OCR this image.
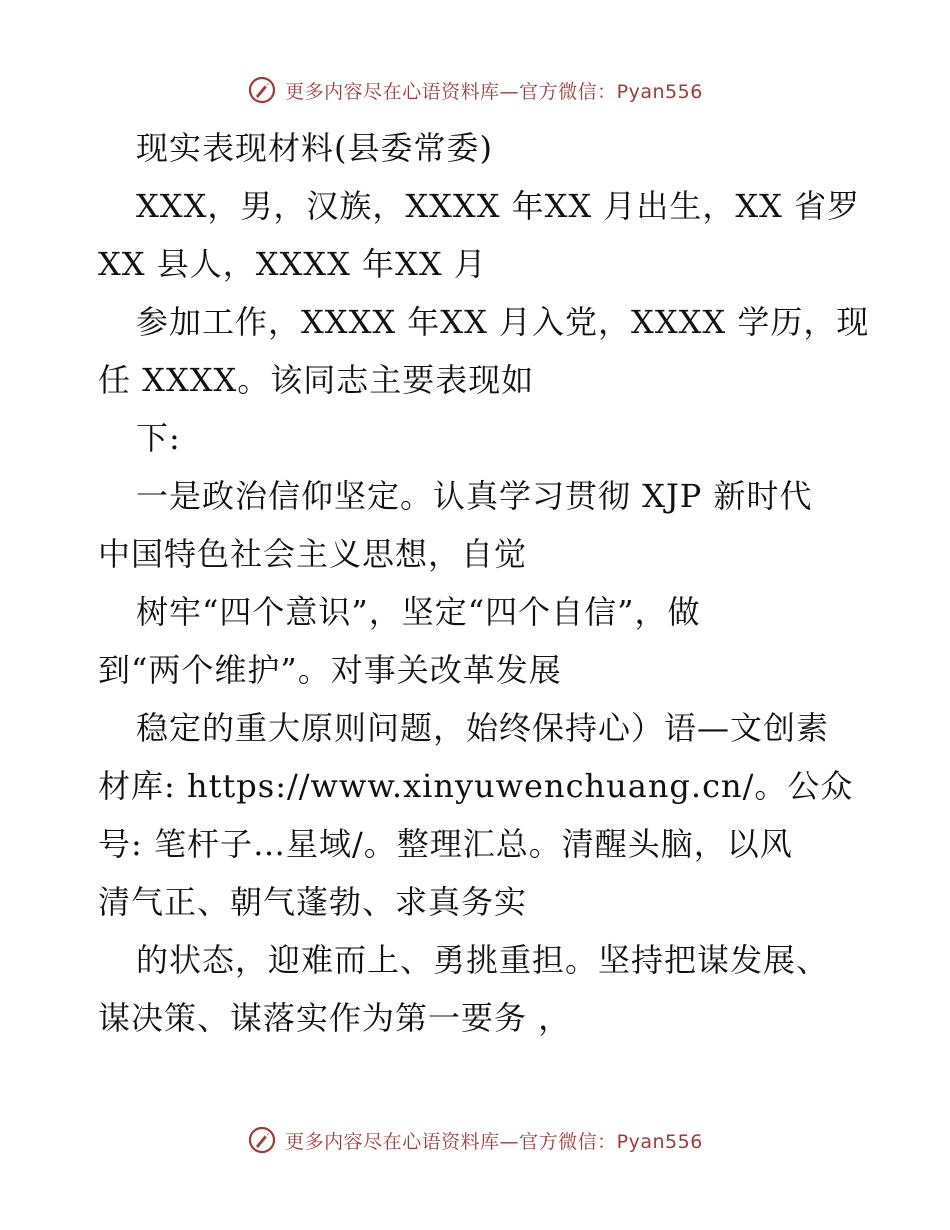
更多内容尽在心语资料库—官方微信：Pyan556
现实表现材料(县委常委)
XXX，男，汉族，XXXX 年XX 月出生，XX 省罗
XX 县人，XXXX 年XX 月
参加工作，XXXX 年XX 月入党，XXXX 学历，现
任 XXXX。该同志主要表现如
下:
一是政治信仰坚定。认真学习贯彻 XJP 新时代
中国特色社会主义思想，自觉
树牢“四个意识”，坚定“四个自信”，做
到“两个维护”。对事关改革发展
稳定的重大原则问题，始终保持心）语—文创素
材库: https://www.xinyuwenchuang.cn/。公众
号: 笔杆子…星域/。整理汇总。清醒头脑，以风
清气正、朝气蓬勃、求真务实
的状态，迎难而上、勇挑重担。坚持把谋发展、
谋决策、谋落实作为第一要务 ，
更多内容尽在心语资料库—官方微信：Pyan556
